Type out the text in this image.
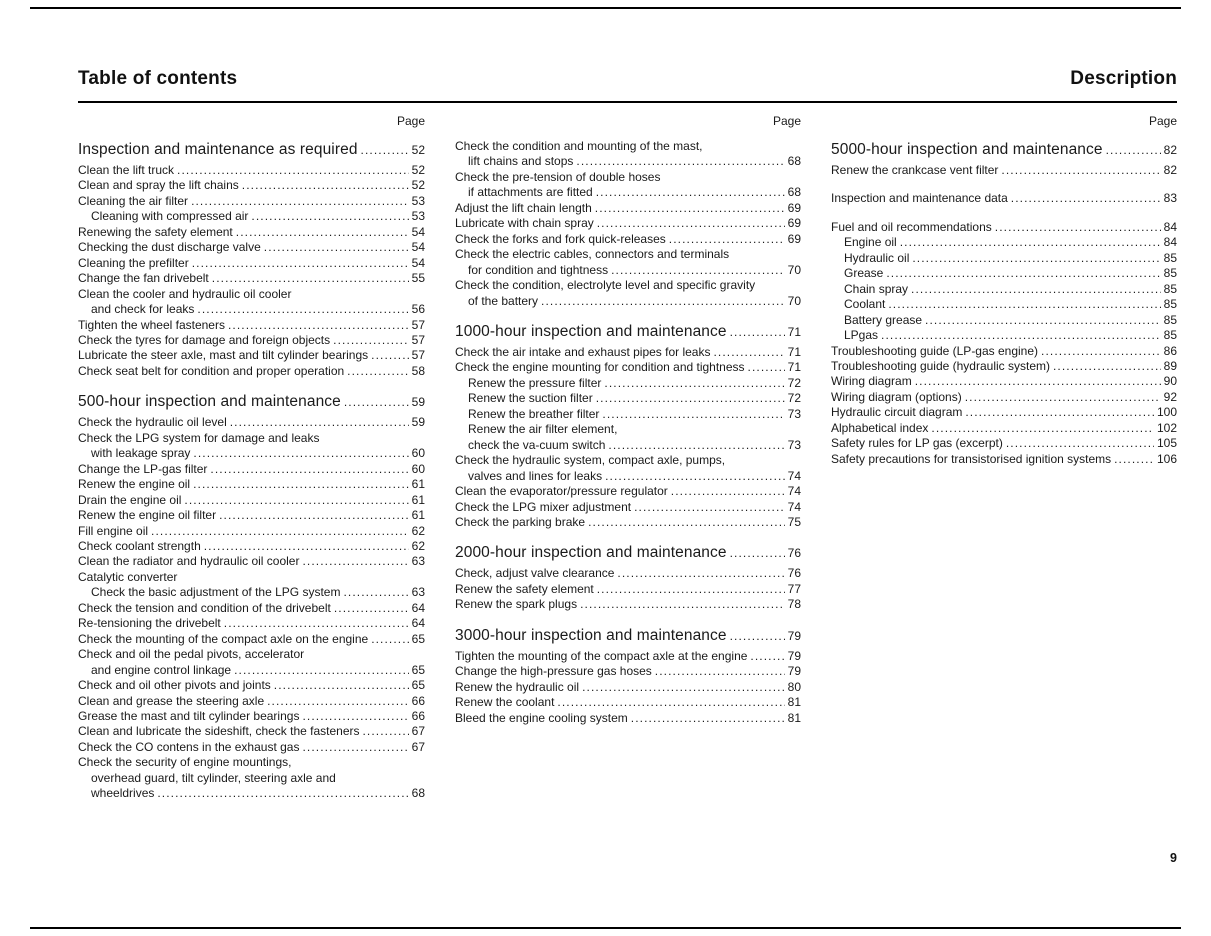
Table of contents	Description
Page	Page	Page
Inspection and maintenance as required .....	52
Clean the lift truck .....	52
Clean and spray the lift chains .....	52
Cleaning the air filter .....	53
Cleaning with compressed air .....	53
Renewing the safety element .....	54
Checking the dust discharge valve .....	54
Cleaning the prefilter .....	54
Change the fan drivebelt .....	55
Clean the cooler and hydraulic oil cooler
and check for leaks .....	56
Tighten the wheel fasteners .....	57
Check the tyres for damage and foreign objects .....	57
Lubricate the steer axle, mast and tilt cylinder bearings .....	57
Check seat belt for condition and proper operation .....	58
500-hour inspection and maintenance .....	59
Check the hydraulic oil level .....	59
Check the LPG system for damage and leaks
with leakage spray .....	60
Change the LP-gas filter .....	60
Renew the engine oil .....	61
Drain the engine oil .....	61
Renew the engine oil filter .....	61
Fill engine oil .....	62
Check coolant strength .....	62
Clean the radiator and hydraulic oil cooler .....	63
Catalytic converter
Check the basic adjustment of the LPG system .....	63
Check the tension and condition of the drivebelt .....	64
Re-tensioning the drivebelt .....	64
Check the mounting of the compact axle on the engine .....	65
Check and oil the pedal pivots, accelerator
and engine control linkage .....	65
Check and oil other pivots and joints .....	65
Clean and grease the steering axle .....	66
Grease the mast and tilt cylinder bearings .....	66
Clean and lubricate the sideshift, check the fasteners .....	67
Check the CO contens in the exhaust gas .....	67
Check the security of engine mountings,
overhead guard, tilt cylinder, steering axle and
wheeldrives .....	68
Check the condition and mounting of the mast,
lift chains and stops .....	68
Check the pre-tension of double hoses
if attachments are fitted .....	68
Adjust the lift chain length .....	69
Lubricate with chain spray .....	69
Check the forks and fork quick-releases .....	69
Check the electric cables, connectors and terminals
for condition and tightness .....	70
Check the condition, electrolyte level and specific gravity
of the battery .....	70
1000-hour inspection and maintenance .....	71
Check the air intake and exhaust pipes for leaks .....	71
Check the engine mounting for condition and tightness .....	71
Renew the pressure filter .....	72
Renew the suction filter .....	72
Renew the breather filter .....	73
Renew the air filter element,
check the va-cuum switch .....	73
Check the hydraulic system, compact axle, pumps,
valves and lines for leaks .....	74
Clean the evaporator/pressure regulator .....	74
Check the LPG mixer adjustment .....	74
Check the parking brake .....	75
2000-hour inspection and maintenance .....	76
Check, adjust valve clearance .....	76
Renew the safety element .....	77
Renew the spark plugs .....	78
3000-hour inspection and maintenance .....	79
Tighten the mounting of the compact axle at the engine .....	79
Change the high-pressure gas hoses .....	79
Renew the hydraulic oil .....	80
Renew the coolant .....	81
Bleed the engine cooling system .....	81
5000-hour inspection and maintenance .....	82
Renew the crankcase vent filter .....	82
Inspection and maintenance data .....	83
Fuel and oil recommendations .....	84
Engine oil .....	84
Hydraulic oil .....	85
Grease .....	85
Chain spray .....	85
Coolant .....	85
Battery grease .....	85
LPgas .....	85
Troubleshooting guide (LP-gas engine) .....	86
Troubleshooting guide (hydraulic system) .....	89
Wiring diagram .....	90
Wiring diagram (options) .....	92
Hydraulic circuit diagram .....	100
Alphabetical index .....	102
Safety rules for LP gas (excerpt) .....	105
Safety precautions for transistorised ignition systems .....	106
9
